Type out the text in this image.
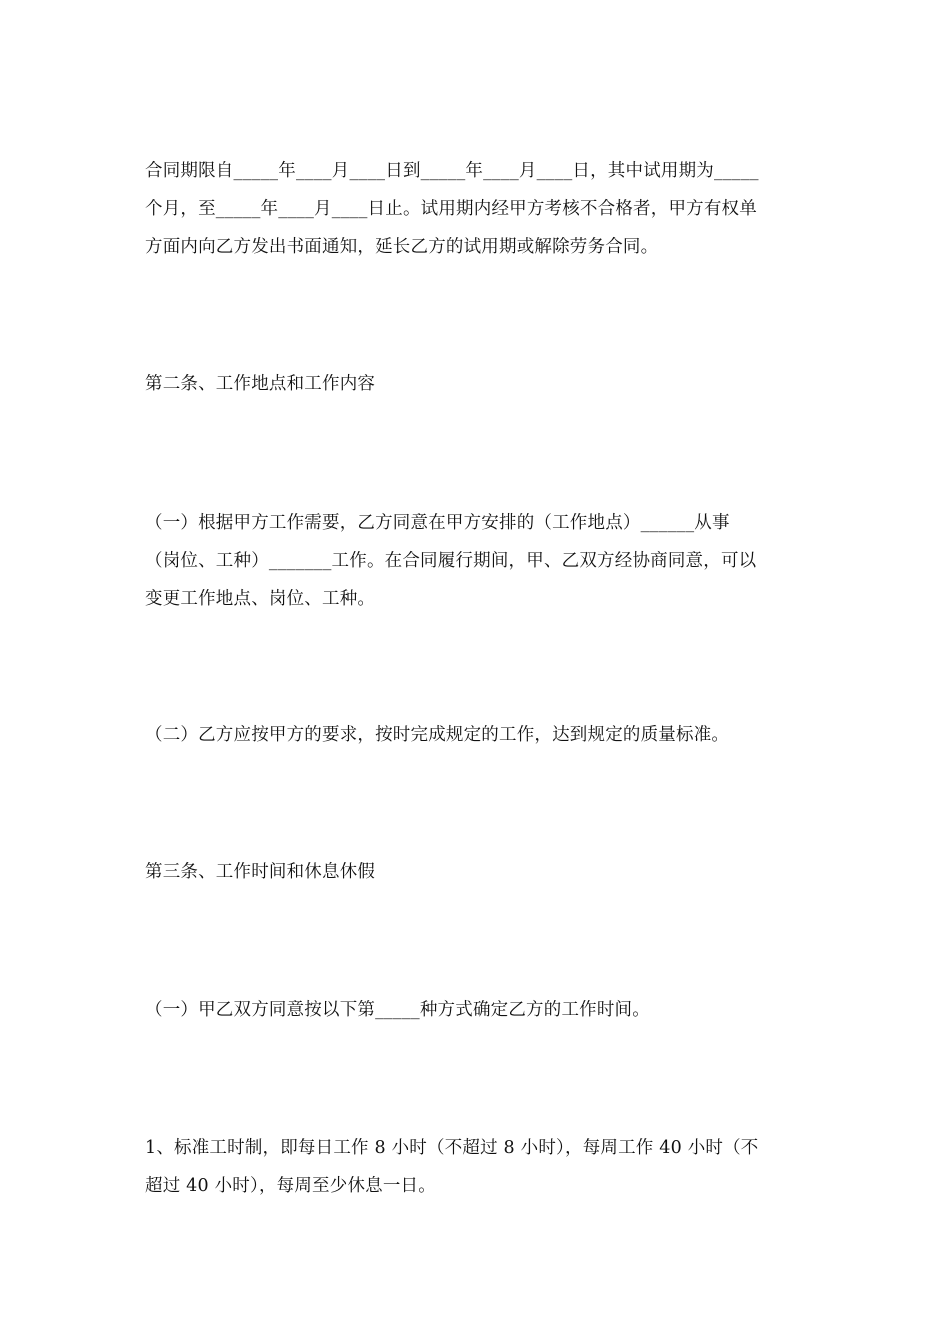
合同期限自_____年____月____日到_____年____月____日，其中试用期为_____
个月，至_____年____月____日止。试用期内经甲方考核不合格者，甲方有权单
方面内向乙方发出书面通知，延长乙方的试用期或解除劳务合同。
第二条、工作地点和工作内容
（一）根据甲方工作需要，乙方同意在甲方安排的（工作地点）______从事
（岗位、工种）_______工作。在合同履行期间，甲、乙双方经协商同意，可以
变更工作地点、岗位、工种。
（二）乙方应按甲方的要求，按时完成规定的工作，达到规定的质量标准。
第三条、工作时间和休息休假
（一）甲乙双方同意按以下第_____种方式确定乙方的工作时间。
1、标准工时制，即每日工作 8 小时（不超过 8 小时），每周工作 40 小时（不
超过 40 小时），每周至少休息一日。
